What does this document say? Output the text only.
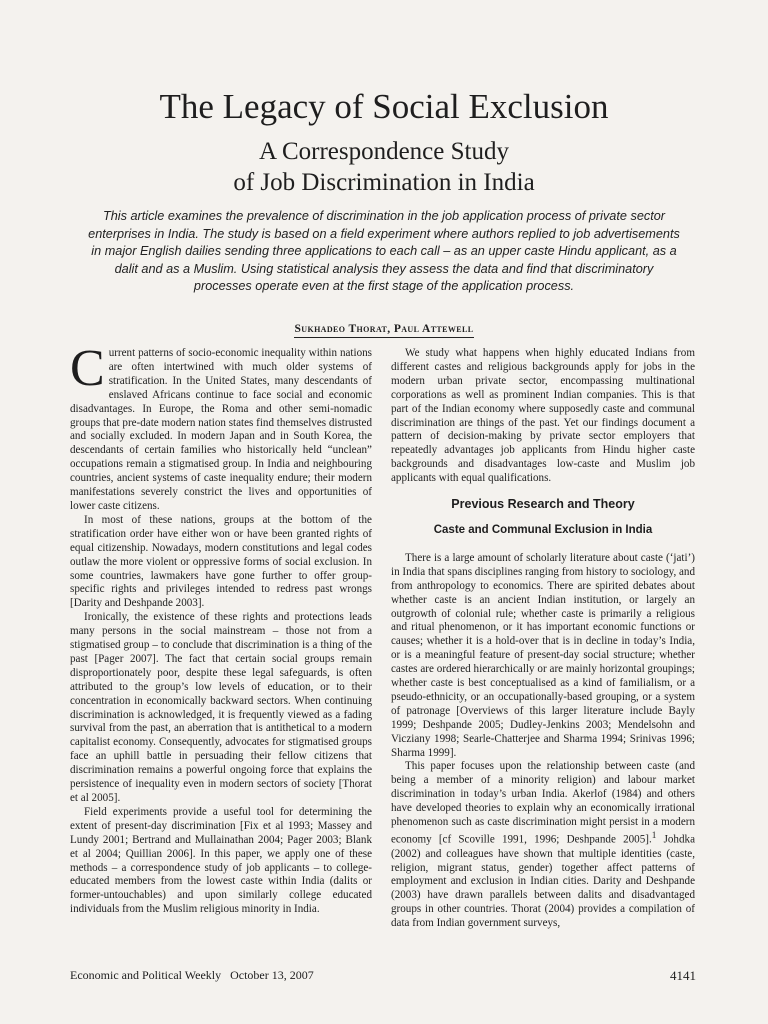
The Legacy of Social Exclusion
A Correspondence Study
of Job Discrimination in India

This article examines the prevalence of discrimination in the job application process of private sector enterprises in India. The study is based on a field experiment where authors replied to job advertisements in major English dailies sending three applications to each call – as an upper caste Hindu applicant, as a dalit and as a Muslim. Using statistical analysis they assess the data and find that discriminatory processes operate even at the first stage of the application process.

Sukhadeo Thorat, Paul Attewell

Current patterns of socio-economic inequality within nations are often intertwined with much older systems of stratification. In the United States, many descendants of enslaved Africans continue to face social and economic disadvantages. In Europe, the Roma and other semi-nomadic groups that pre-date modern nation states find themselves distrusted and socially excluded. In modern Japan and in South Korea, the descendants of certain families who historically held “unclean” occupations remain a stigmatised group. In India and neighbouring countries, ancient systems of caste inequality endure; their modern manifestations severely constrict the lives and opportunities of lower caste citizens.

In most of these nations, groups at the bottom of the stratification order have either won or have been granted rights of equal citizenship. Nowadays, modern constitutions and legal codes outlaw the more violent or oppressive forms of social exclusion. In some countries, lawmakers have gone further to offer group-specific rights and privileges intended to redress past wrongs [Darity and Deshpande 2003].

Ironically, the existence of these rights and protections leads many persons in the social mainstream – those not from a stigmatised group – to conclude that discrimination is a thing of the past [Pager 2007]. The fact that certain social groups remain disproportionately poor, despite these legal safeguards, is often attributed to the group’s low levels of education, or to their concentration in economically backward sectors. When continuing discrimination is acknowledged, it is frequently viewed as a fading survival from the past, an aberration that is antithetical to a modern capitalist economy. Consequently, advocates for stigmatised groups face an uphill battle in persuading their fellow citizens that discrimination remains a powerful ongoing force that explains the persistence of inequality even in modern sectors of society [Thorat et al 2005].

Field experiments provide a useful tool for determining the extent of present-day discrimination [Fix et al 1993; Massey and Lundy 2001; Bertrand and Mullainathan 2004; Pager 2003; Blank et al 2004; Quillian 2006]. In this paper, we apply one of these methods – a correspondence study of job applicants – to college-educated members from the lowest caste within India (dalits or former-untouchables) and upon similarly college educated individuals from the Muslim religious minority in India.

We study what happens when highly educated Indians from different castes and religious backgrounds apply for jobs in the modern urban private sector, encompassing multinational corporations as well as prominent Indian companies. This is that part of the Indian economy where supposedly caste and communal discrimination are things of the past. Yet our findings document a pattern of decision-making by private sector employers that repeatedly advantages job applicants from Hindu higher caste backgrounds and disadvantages low-caste and Muslim job applicants with equal qualifications.

Previous Research and Theory
Caste and Communal Exclusion in India

There is a large amount of scholarly literature about caste (‘jati’) in India that spans disciplines ranging from history to sociology, and from anthropology to economics. There are spirited debates about whether caste is an ancient Indian institution, or largely an outgrowth of colonial rule; whether caste is primarily a religious and ritual phenomenon, or it has important economic functions or causes; whether it is a hold-over that is in decline in today’s India, or is a meaningful feature of present-day social structure; whether castes are ordered hierarchically or are mainly horizontal groupings; whether caste is best conceptualised as a kind of familialism, or a pseudo-ethnicity, or an occupationally-based grouping, or a system of patronage [Overviews of this larger literature include Bayly 1999; Deshpande 2005; Dudley-Jenkins 2003; Mendelsohn and Vicziany 1998; Searle-Chatterjee and Sharma 1994; Srinivas 1996; Sharma 1999].

This paper focuses upon the relationship between caste (and being a member of a minority religion) and labour market discrimination in today’s urban India. Akerlof (1984) and others have developed theories to explain why an economically irrational phenomenon such as caste discrimination might persist in a modern economy [cf Scoville 1991, 1996; Deshpande 2005].$^1$ Johdka (2002) and colleagues have shown that multiple identities (caste, religion, migrant status, gender) together affect patterns of employment and exclusion in Indian cities. Darity and Deshpande (2003) have drawn parallels between dalits and disadvantaged groups in other countries. Thorat (2004) provides a compilation of data from Indian government surveys,

Economic and Political Weekly   October 13, 2007	4141
